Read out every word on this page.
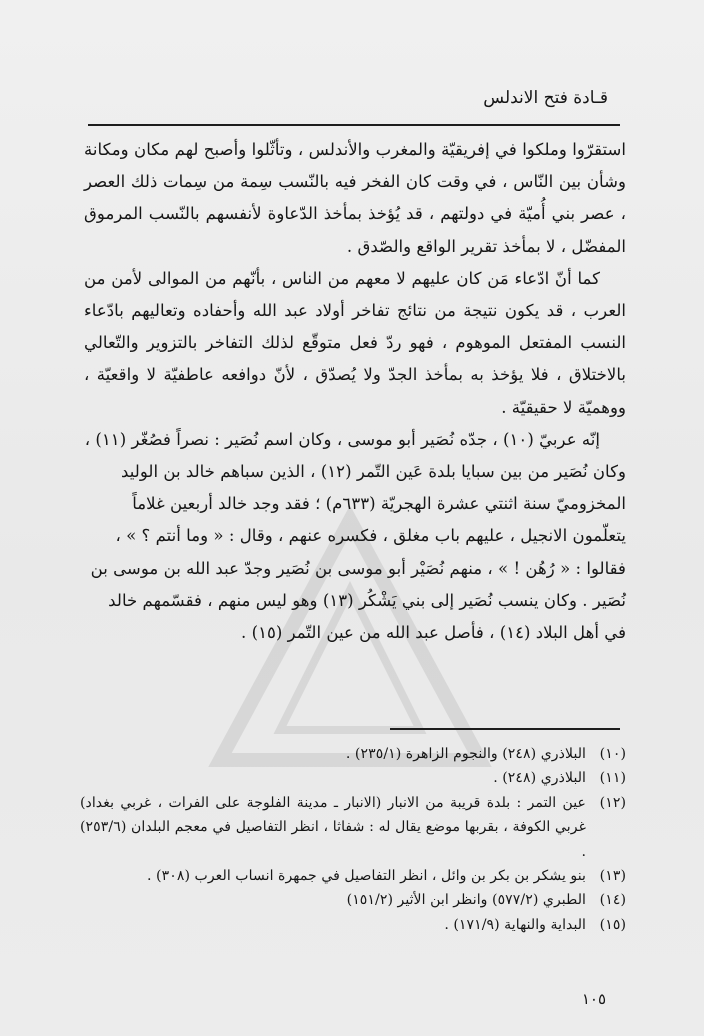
قـادة فتح الاندلس

استقرّوا وملكوا في إفريقيّة والمغرب والأندلس ، وتأثّلوا وأصبح لهم مكان ومكانة وشأن بين النّاس ، في وقت كان الفخر فيه بالنّسب سِمة من سِمات ذلك العصر ، عصر بني أُميّة في دولتهم ، قد يُؤخذ بمأخذ الدّعاوة لأنفسهم بالنّسب المرموق المفضّل ، لا بمأخذ تقرير الواقع والصّدق .

كما أنّ ادّعاء مَن كان عليهم لا معهم من الناس ، بأنّهم من الموالى لأمن من العرب ، قد يكون نتيجة من نتائج تفاخر أولاد عبد الله وأحفاده وتعاليهم بادّعاء النسب المفتعل الموهوم ، فهو ردّ فعل متوقّع لذلك التفاخر بالتزوير والتّعالي بالاختلاق ، فلا يؤخذ به بمأخذ الجدّ ولا يُصدّق ، لأنّ دوافعه عاطفيّة لا واقعيّة ، ووهميّة لا حقيقيّة .

إنّه عربيّ (١٠) ، جدّه نُصَير أبو موسى ، وكان اسم نُصَير : نصراً فصُغّر (١١) ، وكان نُصَير من بين سبايا بلدة عَين التّمر (١٢) ، الذين سباهم خالد بن الوليد المخزوميّ سنة اثنتي عشرة الهجريّة (٦٣٣م) ؛ فقد وجد خالد أربعين غلاماً يتعلّمون الانجيل ، عليهم باب مغلق ، فكسره عنهم ، وقال : « وما أنتم ؟ » ، فقالوا : « رُهُن ! » ، منهم نُصَيْر أبو موسى بن نُصَير وجدّ عبد الله بن موسى بن نُصَير . وكان ينسب نُصَير إلى بني يَشْكُر (١٣) وهو ليس منهم ، فقسّمهم خالد في أهل البلاد (١٤) ، فأصل عبد الله من عين التّمر (١٥) .

(١٠)
البلاذري (٢٤٨) والنجوم الزاهرة (٢٣٥/١) .
(١١)
البلاذري (٢٤٨) .
(١٢)
عين التمر : بلدة قريبة من الانبار (الانبار ـ مدينة الفلوجة على الفرات ، غربي بغداد) غربي الكوفة ، بقربها موضع يقال له : شفاثا ، انظر التفاصيل في معجم البلدان (٢٥٣/٦) .
(١٣)
بنو يشكر بن بكر بن وائل ، انظر التفاصيل في جمهرة انساب العرب (٣٠٨) .
(١٤)
الطبري (٥٧٧/٢) وانظر ابن الأثير (١٥١/٢)
(١٥)
البداية والنهاية (١٧١/٩) .
١٠٥
